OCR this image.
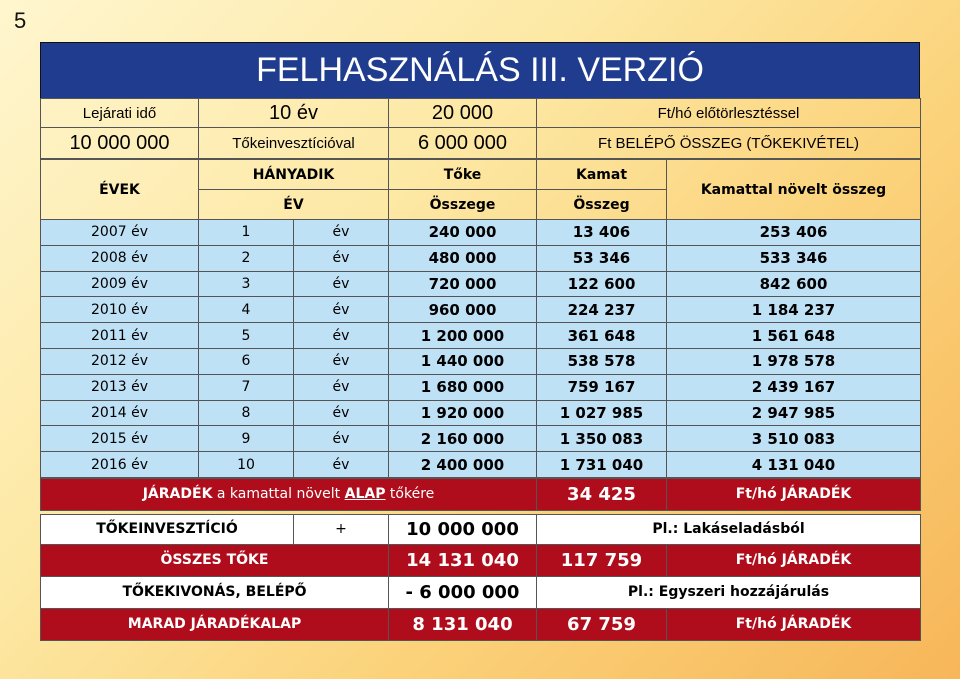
5
FELHASZNÁLÁS III. VERZIÓ
Lejárati idő	10 év	20 000	Ft/hó előtörlesztéssel
10 000 000	Tőkeinvesztícióval	6 000 000	Ft BELÉPŐ ÖSSZEG (TŐKEKIVÉTEL)
ÉVEK	HÁNYADIK		Tőke	Kamat	Kamattal növelt összeg
	ÉV		Összege	Összeg	
2007 év	1	év	240 000	13 406	253 406
2008 év	2	év	480 000	53 346	533 346
2009 év	3	év	720 000	122 600	842 600
2010 év	4	év	960 000	224 237	1 184 237
2011 év	5	év	1 200 000	361 648	1 561 648
2012 év	6	év	1 440 000	538 578	1 978 578
2013 év	7	év	1 680 000	759 167	2 439 167
2014 év	8	év	1 920 000	1 027 985	2 947 985
2015 év	9	év	2 160 000	1 350 083	3 510 083
2016 év	10	év	2 400 000	1 731 040	4 131 040
JÁRADÉK a kamattal növelt ALAP tőkére			34 425	Ft/hó JÁRADÉK

TŐKEINVESZTÍCIÓ	+	10 000 000	Pl.: Lakáseladásból	
ÖSSZES TŐKE		14 131 040	117 759	Ft/hó JÁRADÉK
TŐKEKIVONÁS, BELÉPŐ		- 6 000 000	Pl.: Egyszeri hozzájárulás	
MARAD JÁRADÉKALAP		8 131 040	67 759	Ft/hó JÁRADÉK
